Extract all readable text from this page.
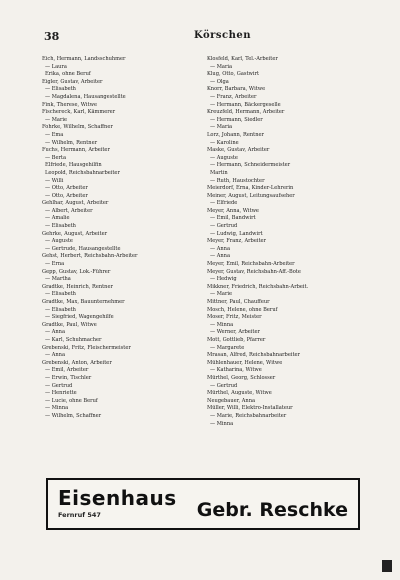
38	Körschen
Eich, Hermann, Landsschuhmer
— Laura
Erika, ohne Beruf
Eigler, Gustav, Arbeiter
— Elisabeth
— Magdalena, Hausangestellte
Fink, Therese, Witwe
Fischereck, Karl, Kämmerer
— Marie
Fohrke, Wilhelm, Schaffner
— Ema
— Wilhelm, Rentner
Fuchs, Hermann, Arbeiter
— Berta
Elfriede, Hausgehilfin
Leopold, Reichsbahnarbeiter
— Willi
— Otto, Arbeiter
— Otto, Arbeiter
Gehlhar, August, Arbeiter
— Albert, Arbeiter
— Amalie
— Elisabeth
Gehrke, August, Arbeiter
— Auguste
— Gertrude, Hausangestellte
Gehst, Herbert, Reichsbahn-Arbeiter
— Erna
Gepp, Gustav, Lok.-Führer
— Martha
Gradtke, Heinrich, Rentner
— Elisabeth
Gradtke, Max, Bauunternehmer
— Elisabeth
— Siegfried, Wagengehilfe
Gradtke, Paul, Witwe
— Anna
— Karl, Schuhmacher
Grebenski, Fritz, Fleischermeister
— Anna
Grebenski, Anton, Arbeiter
— Emil, Arbeiter
— Erwin, Tischler
— Gertrud
— Henriette
— Lucie, ohne Beruf
— Minna
— Wilhelm, Schaffner
Klosfeld, Karl, Tel.-Arbeiter
— Maria
Klug, Otto, Gastwirt
— Olga
Knorr, Barbara, Witwe
— Franz, Arbeiter
— Hermann, Bäckergeselle
Kreuzfeld, Hermann, Arbeiter
— Hermann, Siedler
— Maria
Lorz, Johann, Rentner
— Karoline
Maske, Gustav, Arbeiter
— Auguste
— Hermann, Schneidermeister
Martin
— Ruth, Haustochter
Meierdorf, Erna, Kinder-Lehrerin
Meiner, August, Leitungsaufseher
— Elfriede
Meyer, Anna, Witwe
— Emil, Bandwirt
— Gertrud
— Ludwig, Landwirt
Meyer, Franz, Arbeiter
— Anna
— Anna
Meyer, Emil, Reichsbahn-Arbeiter
Meyer, Gustav, Reichsbahn-Aff.-Bote
— Hedwig
Mikkner, Friedrich, Reichsbahn-Arbeit.
— Marie
Mittner, Paul, Chauffeur
Mosch, Helene, ohne Beruf
Moser, Fritz, Meister
— Minna
— Werner, Arbeiter
Mott, Gottlieb, Pfarrer
— Margarete
Mrasan, Alfred, Reichsbahnarbeiter
Mühlenhauer, Helene, Witwe
— Katharina, Witwe
Mürthel, Georg, Schlosser
— Gertrud
Mürthel, Auguste, Witwe
Neugebauer, Anna
Müller, Willi, Elektro-Installateur
— Marie, Reichsbahnarbeiter
— Minna
Eisenhaus
Fernruf 547	Gebr. Reschke
